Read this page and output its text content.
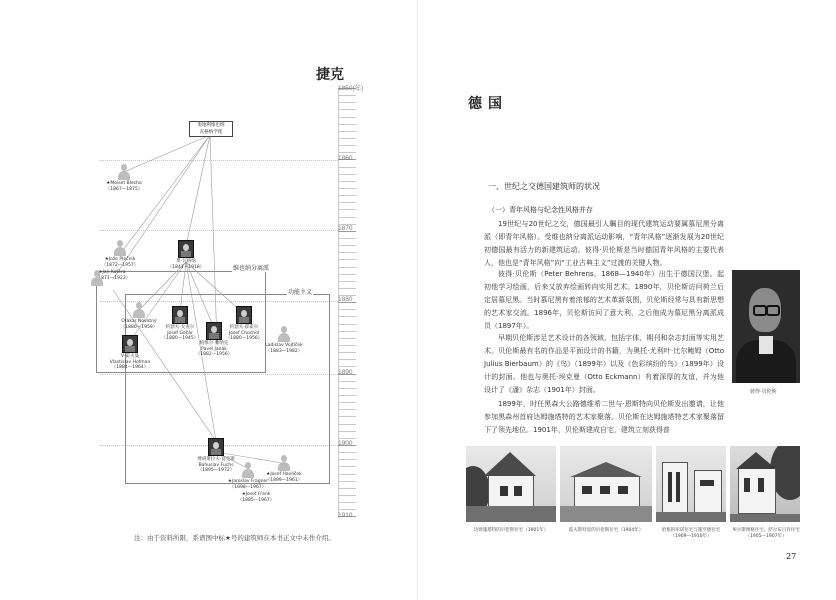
捷克
1850(年)
1860
1870
1880
1890
1900
1910
维也纳分离派
功能主义
奥地利维也纳
瓦格纳学派
★Moiset Blecha
（1867—1875）
★Jože Plečnik
（1872—1957）
奥·瓦格纳
（1841—1918）
★Jan Kotěra
（1871—1923）
Otakar Novotný
（1880—1959）	约瑟夫·戈查尔
Josef Gočár
（1880—1945）
帕维尔·雅纳克
Pavel Janák
（1882—1956）
约瑟夫·霍霍尔
Josef Chochol
（1880—1956）
Ladislav Vojtíček
（1883—1982）
V·霍夫曼
Vlastislav Hofman
（1884—1964）
博胡斯拉夫·富克斯
Bohuslav Fuchs
（1895—1972）
★Josef Havlíček
（1899—1961）
★Jaroslav Fragner
（1898—1967）
★Josef Frank
（1885—1967）
注：由于资料所限，系谱图中标★号的建筑师在本书正文中未作介绍。
德国
一、世纪之交德国建筑师的状况
（一）青年风格与纪念性风格并存

19世纪与20世纪之交，德国最引人瞩目的现代建筑运动要属慕尼黑分离派（即青年风格）。受维也纳分离派运动影响，“青年风格”逐渐发展为20世纪初德国最有活力的新建筑运动。彼得·贝伦斯是当时德国青年风格的主要代表人，他也是“青年风格”向“工业古典主义”过渡的关键人物。

彼得·贝伦斯（Peter Behrens，1868—1940年）出生于德国汉堡。起初他学习绘画，后来又放弃绘画转向实用艺术。1890年，贝伦斯访问荷兰后定居慕尼黑。当时慕尼黑有着浓郁的艺术革新氛围，贝伦斯经常与具有新思想的艺术家交流。1896年，贝伦斯访问了意大利，之后他成为慕尼黑分离派成员（1897年）。

早期贝伦斯涉足艺术设计的各领域，包括字体、期刊和杂志封面等实用艺术。贝伦斯最有名的作品是平面设计的书籍，为奥托·尤利叶·比尔鲍姆（Otto Julius Bierbaum）的《鸟》（1899年）以及《色彩缤纷的鸟》（1899年）设计的封面。他也与奥托·埃克曼（Otto Eckmann）有着深厚的友谊，并为他设计了《潘》杂志（1901年）封面。

1899年，时任黑森大公路德维希二世与·恩斯特向贝伦斯发出邀请，让他参加黑森州首府达姆施塔特的艺术家聚落。贝伦斯在达姆施塔特艺术家聚落留下了领先地位。1901年，贝伦斯建成自宅，建筑立刻获得普

彼得·贝伦斯
达姆施塔特的贝伦斯住宅（1901年）	霍夫斯特恩的贝伦斯住宅（1904年）	哈根的库诺住宅与施罗德住宅（1909—1910年）
埃尔斯博格住宅、萨尔布吕肯住宅（1905—1907年）
27
